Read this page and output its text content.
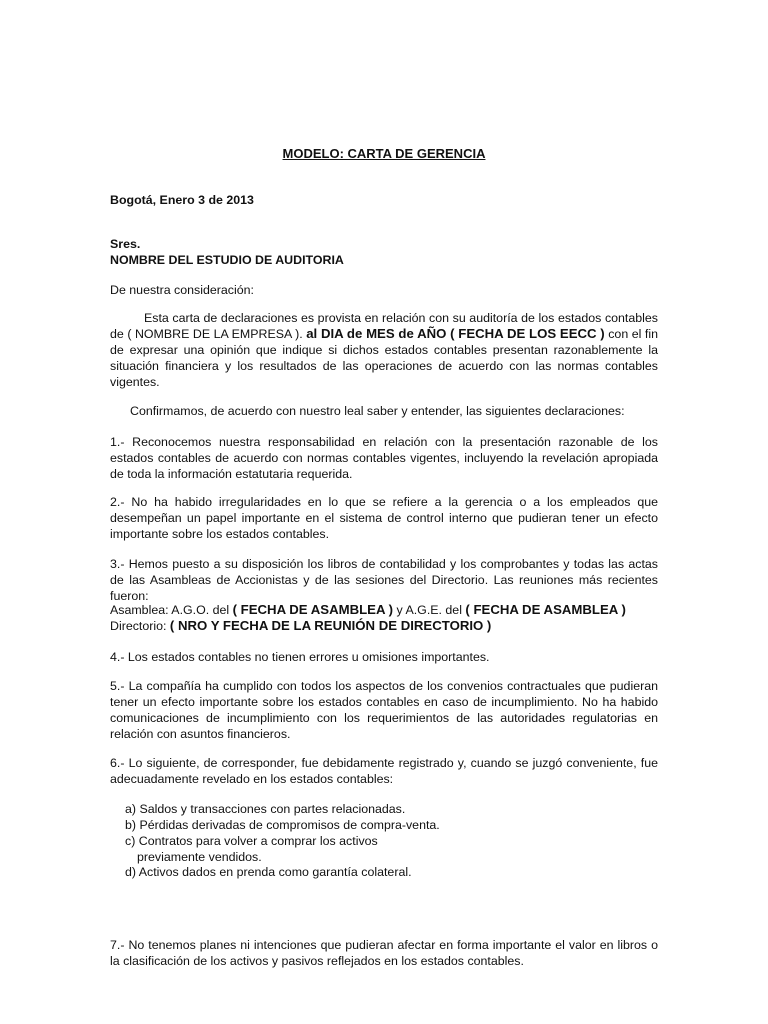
MODELO: CARTA DE GERENCIA
Bogotá, Enero 3 de 2013
Sres.
NOMBRE DEL ESTUDIO DE AUDITORIA
De nuestra consideración:
Esta carta de declaraciones es provista en relación con su auditoría de los estados contables de ( NOMBRE DE LA EMPRESA ). al DIA de MES de AÑO ( FECHA DE LOS EECC ) con el fin de expresar una opinión que indique si dichos estados contables presentan razonablemente la situación financiera y los resultados de las operaciones de acuerdo con las normas contables vigentes.
Confirmamos, de acuerdo con nuestro leal saber y entender, las siguientes declaraciones:
1.- Reconocemos nuestra responsabilidad en relación con la presentación razonable de los estados contables de acuerdo con normas contables vigentes, incluyendo la revelación apropiada de toda la información estatutaria requerida.
2.- No ha habido irregularidades en lo que se refiere a la gerencia o a los empleados que desempeñan un papel importante en el sistema de control interno que pudieran tener un efecto importante sobre los estados contables.
3.- Hemos puesto a su disposición los libros de contabilidad y los comprobantes y todas las actas de las Asambleas de Accionistas y de las sesiones del Directorio. Las reuniones más recientes fueron:
Asamblea: A.G.O. del ( FECHA DE ASAMBLEA ) y A.G.E. del ( FECHA DE ASAMBLEA )
Directorio: ( NRO Y FECHA DE LA REUNIÓN DE DIRECTORIO )
4.- Los estados contables no tienen errores u omisiones importantes.
5.- La compañía ha cumplido con todos los aspectos de los convenios contractuales que pudieran tener un efecto importante sobre los estados contables en caso de incumplimiento. No ha habido comunicaciones de incumplimiento con los requerimientos de las autoridades regulatorias en relación con asuntos financieros.
6.- Lo siguiente, de corresponder, fue debidamente registrado y, cuando se juzgó conveniente, fue adecuadamente revelado en los estados contables:
a) Saldos y transacciones con partes relacionadas.
b) Pérdidas derivadas de compromisos de compra-venta.
c) Contratos para volver a comprar los activos
previamente vendidos.
d) Activos dados en prenda como garantía colateral.
7.- No tenemos planes ni intenciones que pudieran afectar en forma importante el valor en libros o la clasificación de los activos y pasivos reflejados en los estados contables.
